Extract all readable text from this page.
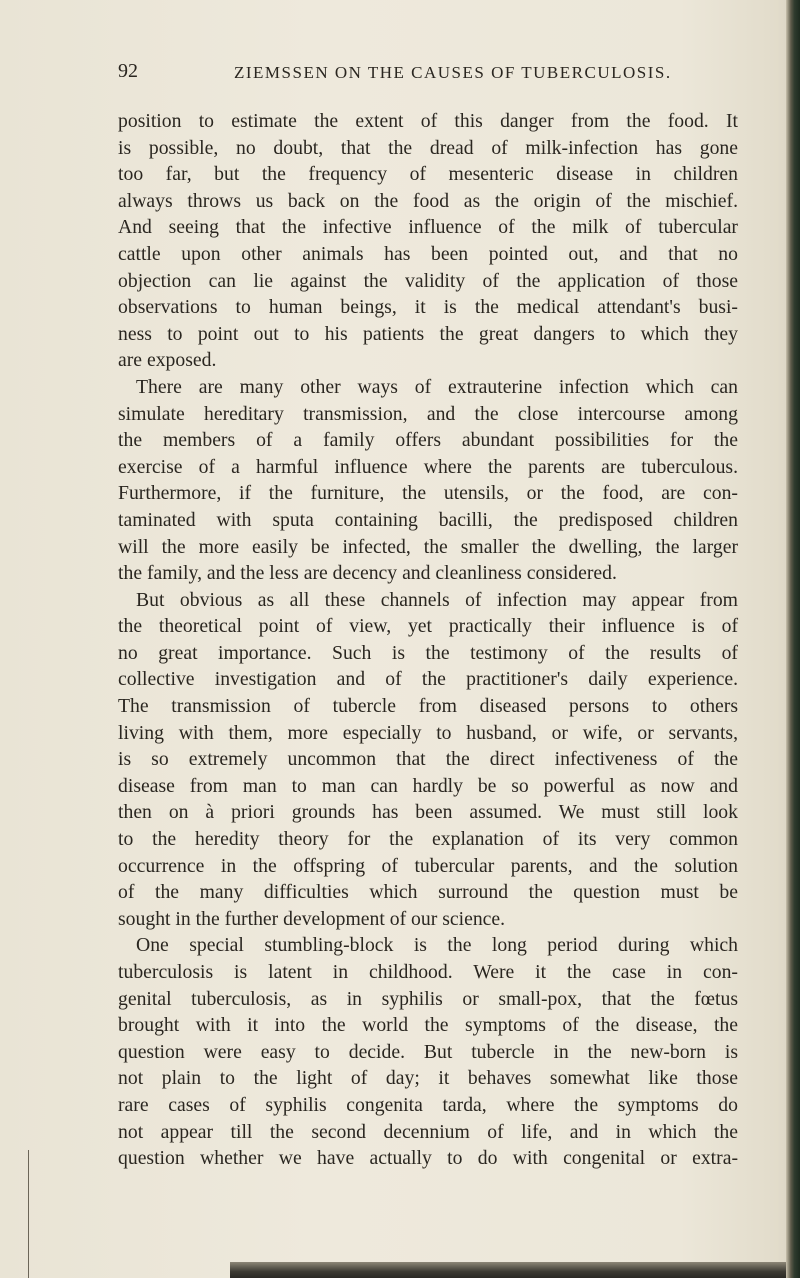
92	ZIEMSSEN ON THE CAUSES OF TUBERCULOSIS.
position to estimate the extent of this danger from the food. It
is possible, no doubt, that the dread of milk-infection has gone
too far, but the frequency of mesenteric disease in children
always throws us back on the food as the origin of the mischief.
And seeing that the infective influence of the milk of tubercular
cattle upon other animals has been pointed out, and that no
objection can lie against the validity of the application of those
observations to human beings, it is the medical attendant's busi-
ness to point out to his patients the great dangers to which they
are exposed.
There are many other ways of extrauterine infection which can
simulate hereditary transmission, and the close intercourse among
the members of a family offers abundant possibilities for the
exercise of a harmful influence where the parents are tuberculous.
Furthermore, if the furniture, the utensils, or the food, are con-
taminated with sputa containing bacilli, the predisposed children
will the more easily be infected, the smaller the dwelling, the larger
the family, and the less are decency and cleanliness considered.
But obvious as all these channels of infection may appear from
the theoretical point of view, yet practically their influence is of
no great importance. Such is the testimony of the results of
collective investigation and of the practitioner's daily experience.
The transmission of tubercle from diseased persons to others
living with them, more especially to husband, or wife, or servants,
is so extremely uncommon that the direct infectiveness of the
disease from man to man can hardly be so powerful as now and
then on à priori grounds has been assumed. We must still look
to the heredity theory for the explanation of its very common
occurrence in the offspring of tubercular parents, and the solution
of the many difficulties which surround the question must be
sought in the further development of our science.
One special stumbling-block is the long period during which
tuberculosis is latent in childhood. Were it the case in con-
genital tuberculosis, as in syphilis or small-pox, that the fœtus
brought with it into the world the symptoms of the disease, the
question were easy to decide. But tubercle in the new-born is
not plain to the light of day; it behaves somewhat like those
rare cases of syphilis congenita tarda, where the symptoms do
not appear till the second decennium of life, and in which the
question whether we have actually to do with congenital or extra-
